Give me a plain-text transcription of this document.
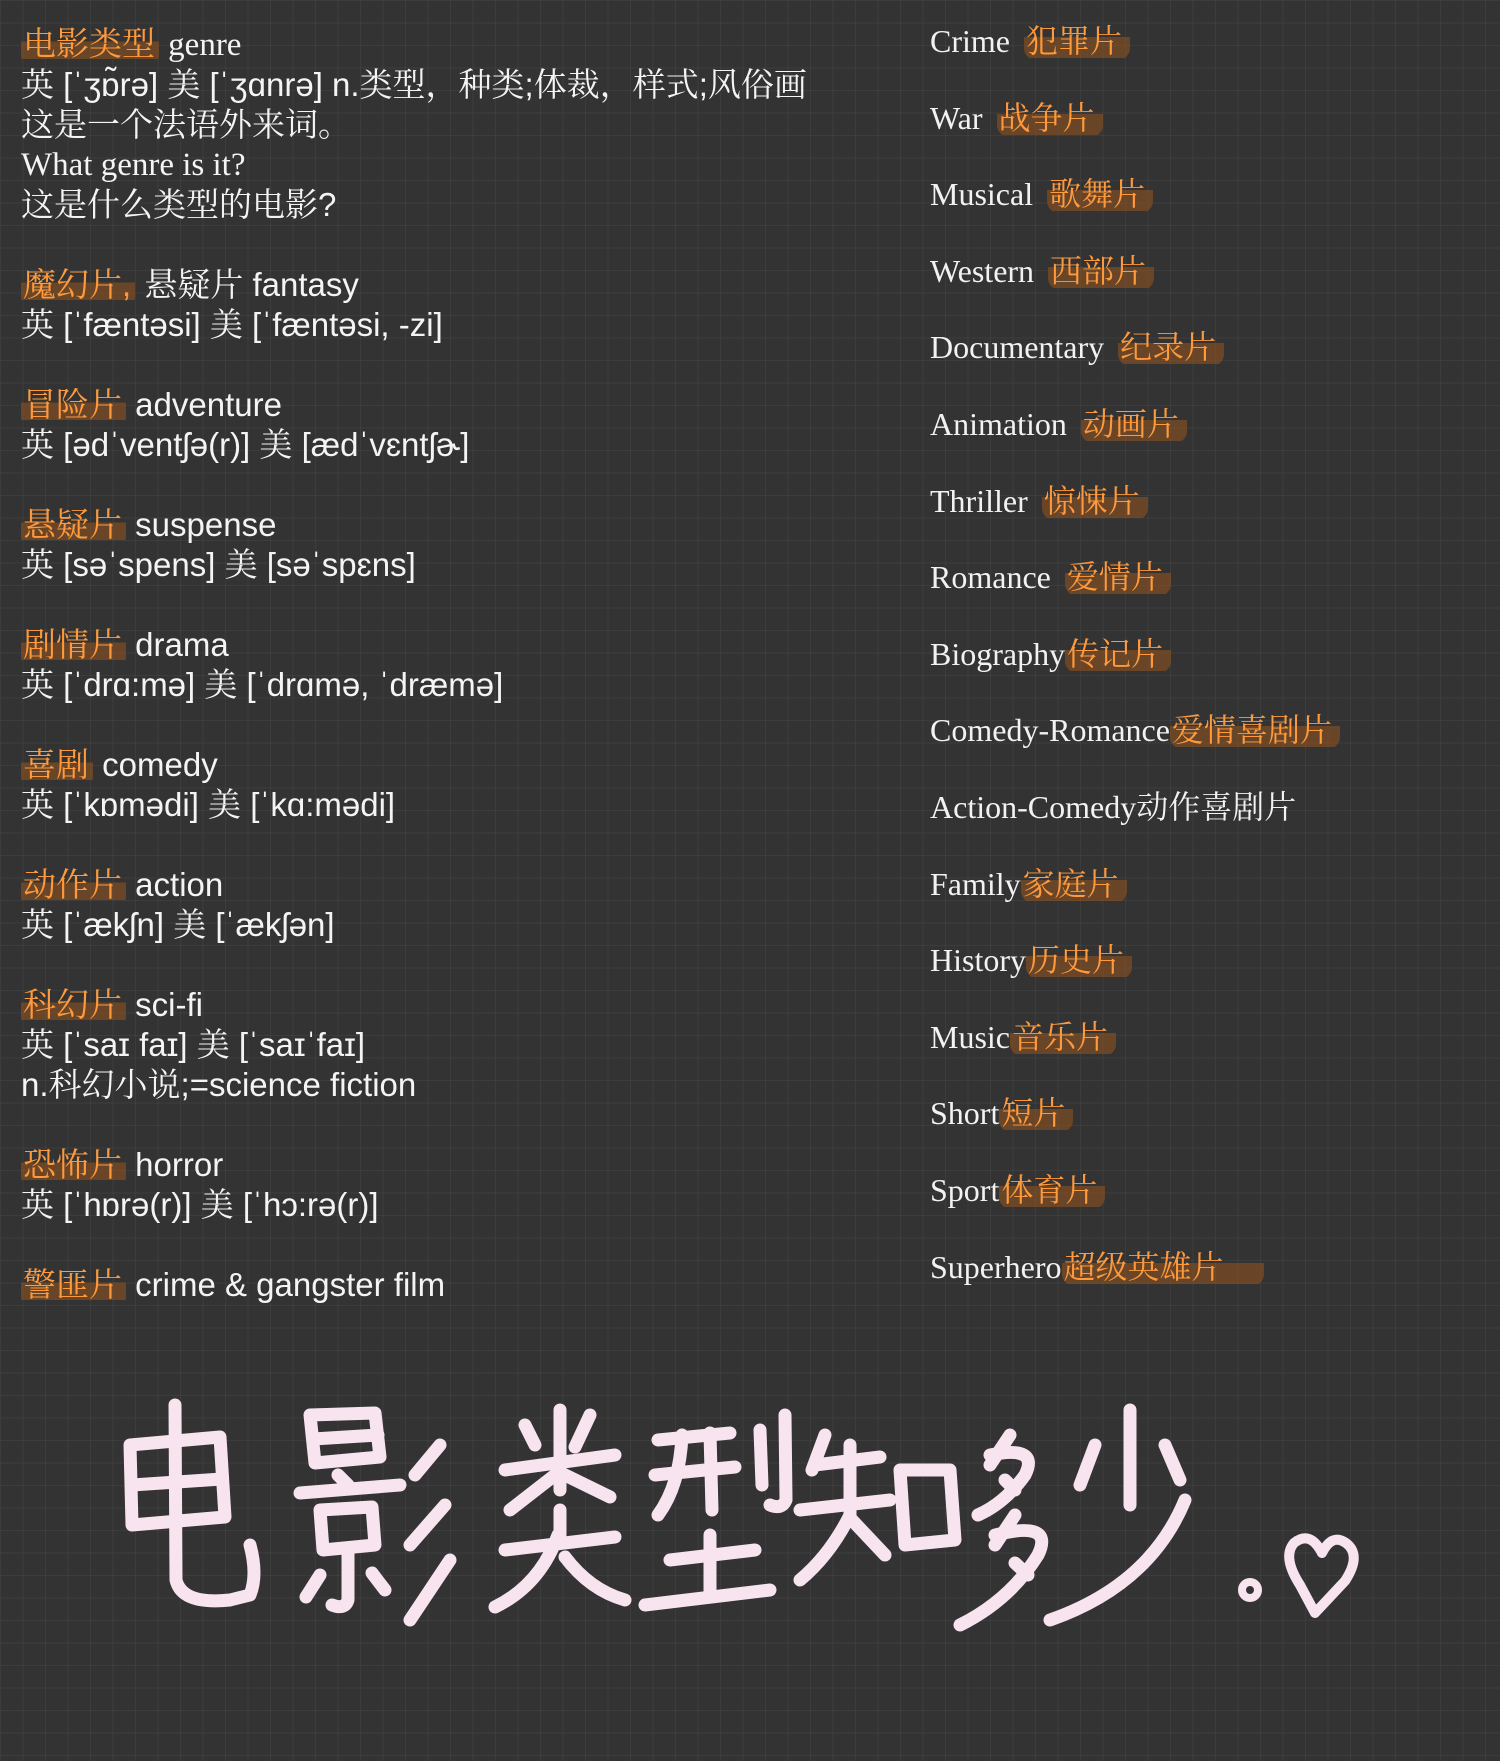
电影类型 genre
英 [ˈʒɒ̃rə] 美 [ˈʒɑnrə] n.类型，种类;体裁，样式;风俗画
这是一个法语外来词。
What genre is it?
这是什么类型的电影?
魔幻片, 悬疑片 fantasy
英 [ˈfæntəsi] 美 [ˈfæntəsi, -zi]
冒险片 adventure
英 [ədˈventʃə(r)] 美 [ædˈvɛntʃɚ]
悬疑片 suspense
英 [səˈspens] 美 [səˈspɛns]
剧情片 drama
英 [ˈdrɑ:mə] 美 [ˈdrɑmə, ˈdræmə]
喜剧 comedy
英 [ˈkɒmədi] 美 [ˈkɑ:mədi]
动作片 action
英 [ˈækʃn] 美 [ˈækʃən]
科幻片 sci-fi
英 [ˈsaɪ faɪ] 美 [ˈsaɪˈfaɪ]
n.科幻小说;=science fiction
恐怖片 horror
英 [ˈhɒrə(r)] 美 [ˈhɔ:rə(r)]
警匪片 crime & gangster film
Crime 犯罪片
War 战争片
Musical 歌舞片
Western 西部片
Documentary 纪录片
Animation 动画片
Thriller 惊悚片
Romance 爱情片
Biography传记片
Comedy-Romance爱情喜剧片
Action-Comedy动作喜剧片
Family家庭片
History历史片
Music音乐片
Short短片
Sport体育片
Superhero超级英雄片
